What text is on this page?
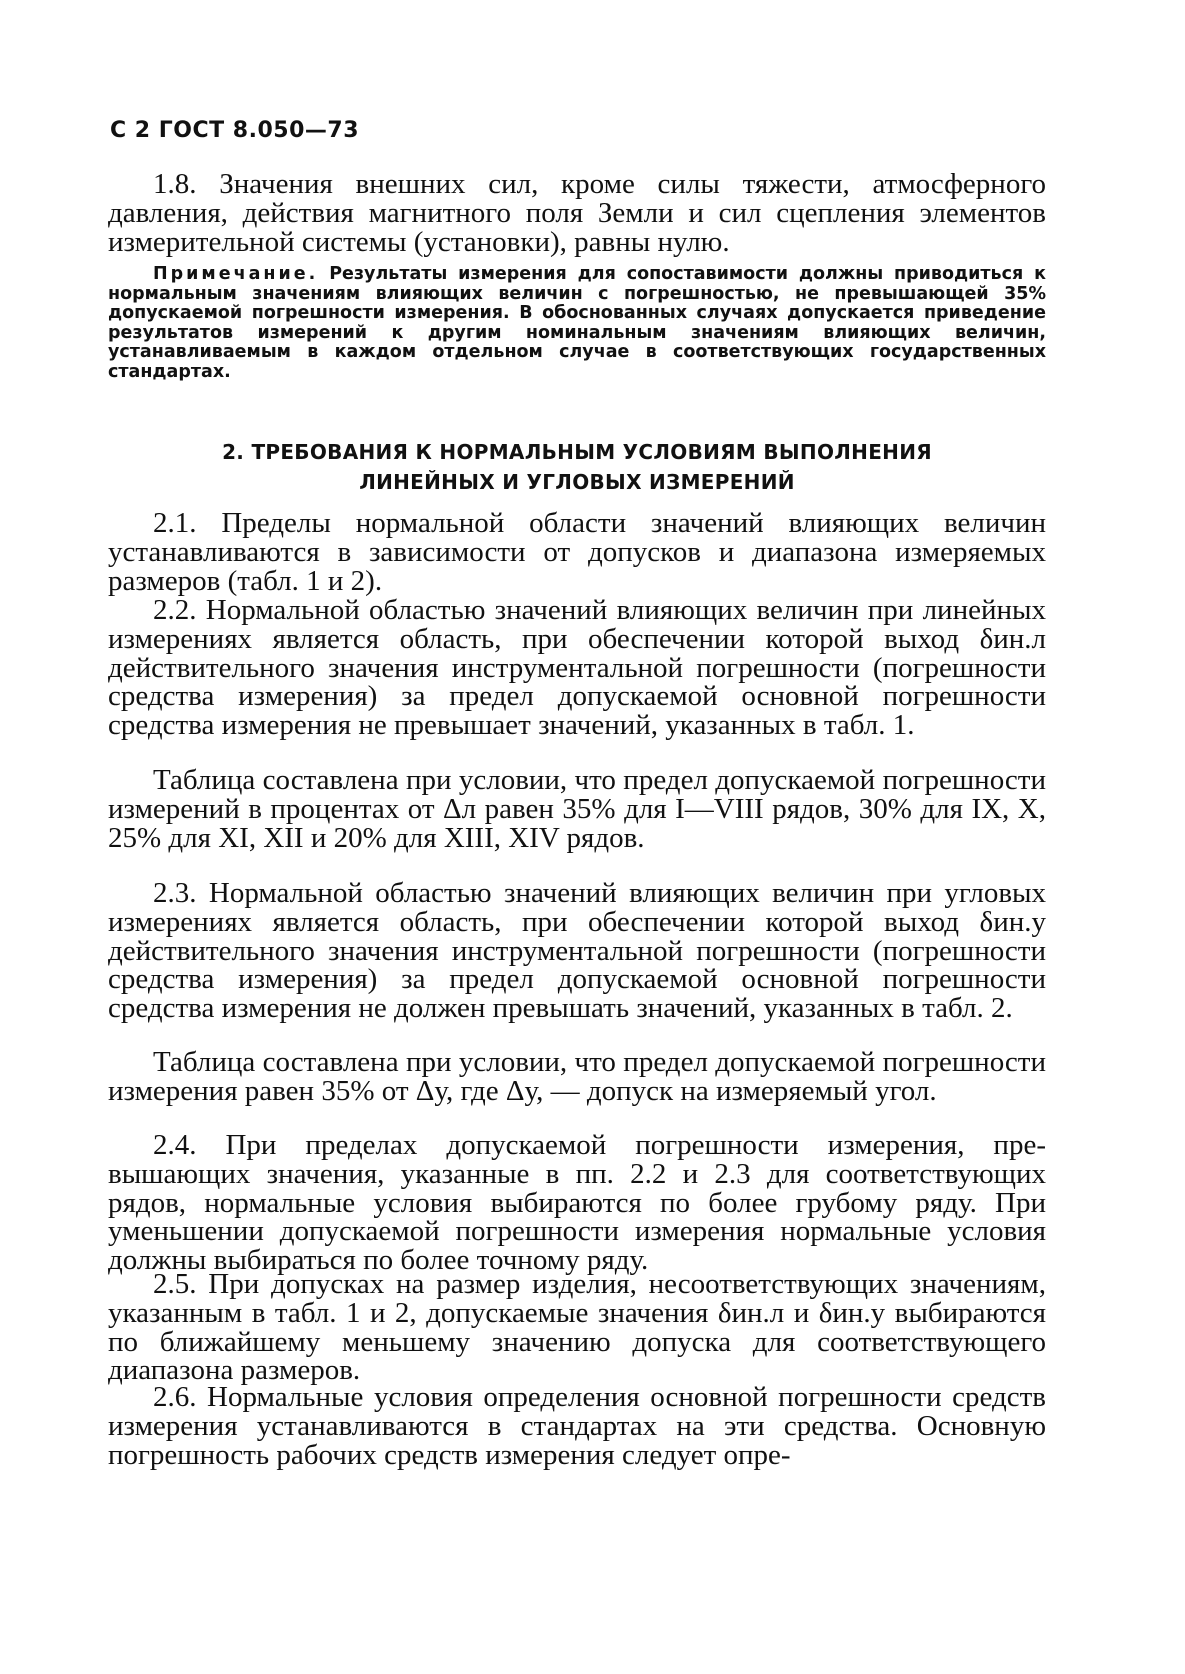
С 2 ГОСТ 8.050—73

1.8. Значения внешних сил, кроме силы тяжести, атмосферного давления, действия магнитного поля Земли и сил сцепления элементов измерительной системы (установки), равны нулю.

Примечание. Результаты измерения для сопоставимости должны приводиться к нормальным значениям влияющих величин с погрешностью, не превышающей 35% допускаемой погрешности измерения. В обоснованных случаях допускается приведение результатов измерений к другим номинальным значениям влияющих величин, устанавливаемым в каждом отдельном случае в соответствующих государственных стандартах.

2. ТРЕБОВАНИЯ К НОРМАЛЬНЫМ УСЛОВИЯМ ВЫПОЛНЕНИЯ

ЛИНЕЙНЫХ И УГЛОВЫХ ИЗМЕРЕНИЙ

2.1. Пределы нормальной области значений влияющих величин устанавливаются в зависимости от допусков и диапазона измеряемых размеров (табл. 1 и 2).

2.2. Нормальной областью значений влияющих величин при линейных измерениях является область, при обеспечении которой выход δин.л действительного значения инструментальной погрешности (погрешности средства измерения) за предел допускаемой основной погрешности средства измерения не превышает значений, указанных в табл. 1.

Таблица составлена при условии, что предел допускаемой погрешности измерений в процентах от Δл равен 35% для I—VIII рядов, 30% для IX, X, 25% для XI, XII и 20% для XIII, XIV рядов.

2.3. Нормальной областью значений влияющих величин при угловых измерениях является область, при обеспечении которой выход δин.у действительного значения инструментальной погрешности (погрешности средства измерения) за предел допускаемой основной погрешности средства измерения не должен превышать значений, указанных в табл. 2.

Таблица составлена при условии, что предел допускаемой погрешности измерения равен 35% от Δу, где Δу, — допуск на измеряемый угол.

2.4. При пределах допускаемой погрешности измерения, превышающих значения, указанные в пп. 2.2 и 2.3 для соответствующих рядов, нормальные условия выбираются по более грубому ряду. При уменьшении допускаемой погрешности измерения нормальные условия должны выбираться по более точному ряду.

2.5. При допусках на размер изделия, несоответствующих значениям, указанным в табл. 1 и 2, допускаемые значения δин.л и δин.у выбираются по ближайшему меньшему значению допуска для соответствующего диапазона размеров.

2.6. Нормальные условия определения основной погрешности средств измерения устанавливаются в стандартах на эти средства. Основную погрешность рабочих средств измерения следует опре-
